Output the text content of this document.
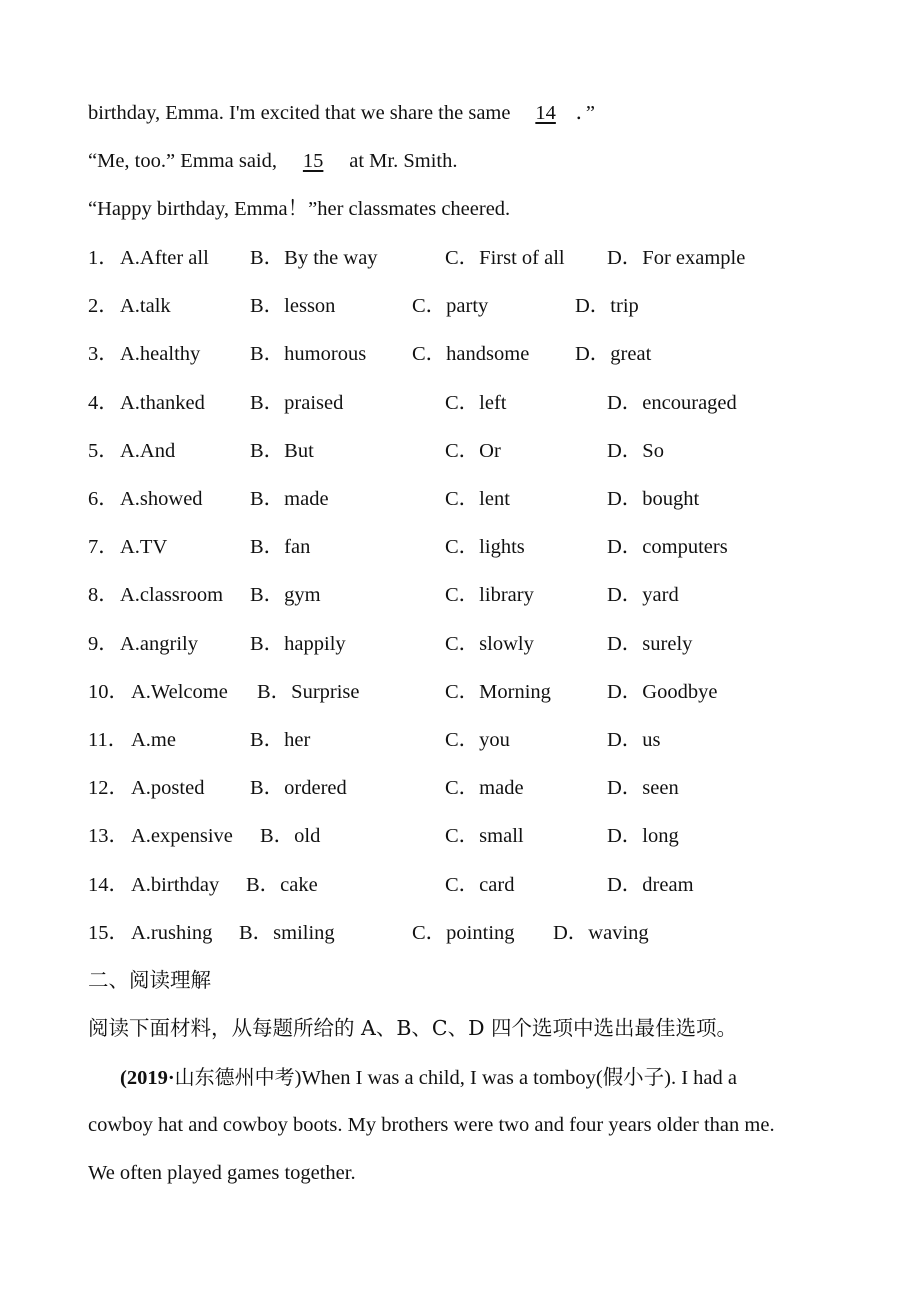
birthday, Emma. I'm excited that we share the same 14 ．”
“Me, too.” Emma said, 15 at Mr. Smith.
“Happy birthday, Emma！”her classmates cheered.
1． A.After all B．By the way	C．First of all D．For example
2． A.talk	B．lesson	C．party	D．trip
3． A.healthy B．humorous C．handsome D．great
4． A.thanked B．praised	C．left	D．encouraged
5． A.And	B．But	C．Or	D．So
6． A.showed B．made	C．lent	D．bought
7． A.TV	B．fan	C．lights	D．computers
8． A.classroom B．gym	C．library	D．yard
9． A.angrily	B．happily	C．slowly	D．surely
10． A.Welcome B．Surprise	C．Morning	D．Goodbye
11． A.me	B．her	C．you	D．us
12． A.posted B．ordered	C．made	D．seen
13． A.expensive B．old	C．small	D．long
14． A.birthday B．cake	C．card	D．dream
15． A.rushing B．smiling	C．pointing D．waving
二、阅读理解
阅读下面材料，从每题所给的 A、B、C、D 四个选项中选出最佳选项。
(2019·山东德州中考)When I was a child, I was a tomboy(假小子). I had a
cowboy hat and cowboy boots. My brothers were two and four years older than me.
We often played games together.
